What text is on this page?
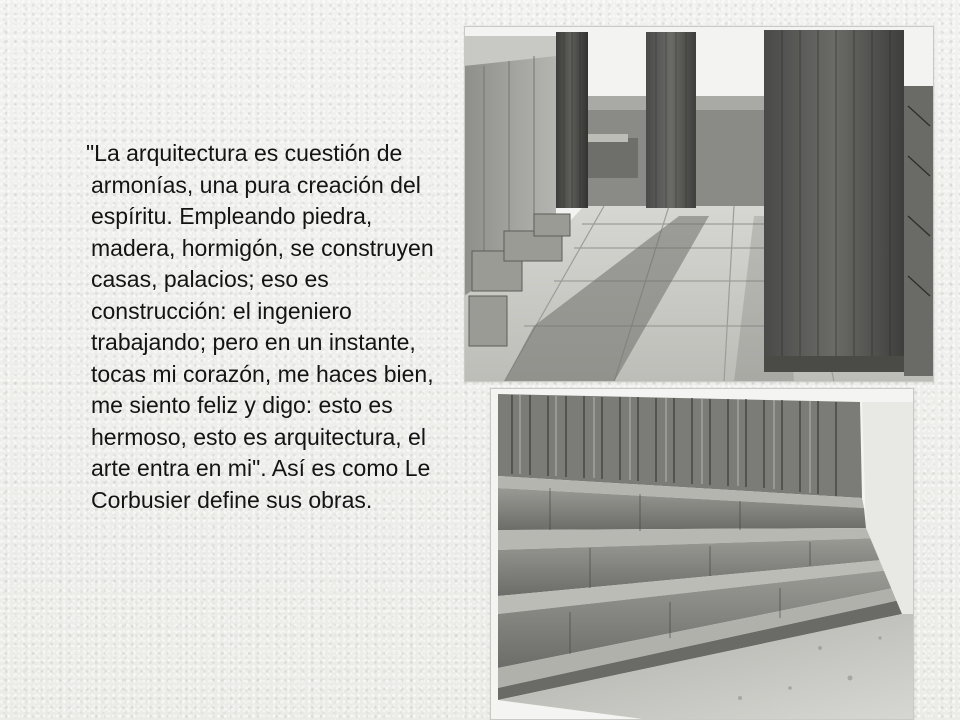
"La arquitectura es cuestión de armonías, una pura creación del espíritu. Empleando piedra, madera, hormigón, se construyen casas, palacios; eso es construcción: el ingeniero trabajando; pero en un instante, tocas mi corazón, me haces bien, me siento feliz y digo: esto es hermoso, esto es arquitectura, el arte entra en mi". Así es como Le Corbusier define sus obras.
